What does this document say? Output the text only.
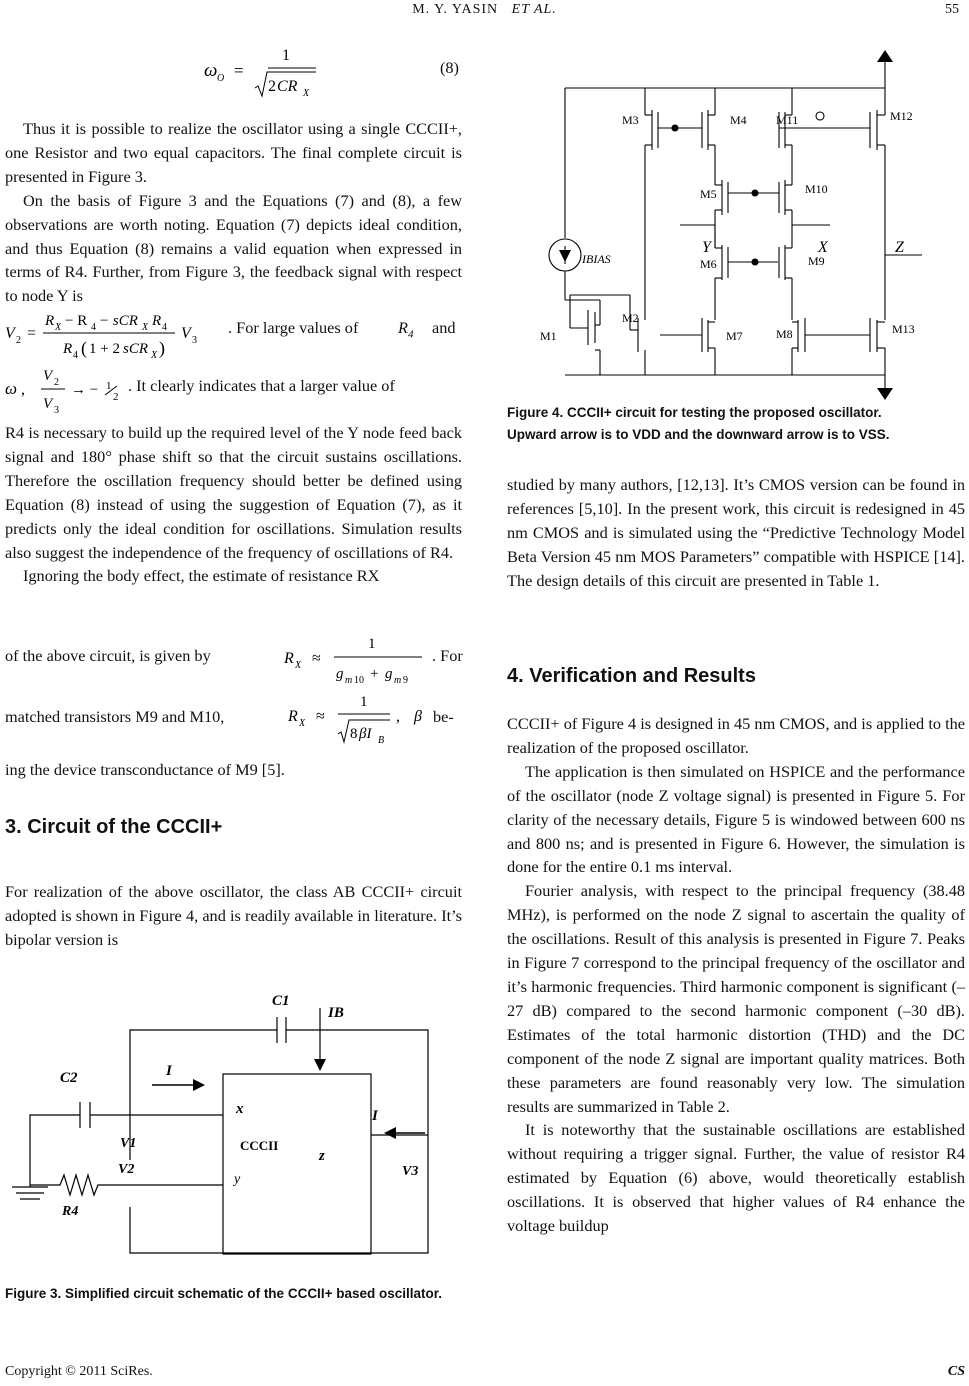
M. Y. YASIN ET AL.	55
ω O =
1
2 CR X
(8)

Thus it is possible to realize the oscillator using a single CCCII+, one Resistor and two equal capacitors. The final complete circuit is presented in Figure 3.

On the basis of Figure 3 and the Equations (7) and (8), a few observations are worth noting. Equation (7) depicts ideal condition, and thus Equation (8) remains a valid equation when expressed in terms of R4. Further, from Figure 3, the feedback signal with respect to node Y is

V 2 =
R X − R 4 − sCR X R 4
R 4 ( 1 + 2 sCR X )
V 3
. For large values of $R_4$ and
ω ,
V 2
V 3
→ − 1
2
. It clearly indicates that a larger value of

R4 is necessary to build up the required level of the Y node feed back signal and 180° phase shift so that the circuit sustains oscillations. Therefore the oscillation frequency should better be defined using Equation (8) instead of using the suggestion of Equation (7), as it predicts only the ideal condition for oscillations. Simulation results also suggest the independence of the frequency of oscillations of R4.

Ignoring the body effect, the estimate of resistance RX

of the above circuit, is given by	R X ≈
1
g m 10 + g m 9
. For
matched transistors M9 and M10,	R X ≈
1
8 βI B
, β be-

ing the device transconductance of M9 [5].

3. Circuit of the CCCII+

For realization of the above oscillator, the class AB CCCII+ circuit adopted is shown in Figure 4, and is readily available in literature. It’s bipolar version is

C1
C2
IB
I
I
V1
V2	V3
R4
x
z
y
CCCII
Figure 3. Simplified circuit schematic of the CCCII+ based oscillator.
M1
M2
M3	M4
M5
M6
M7	M8
M9
M10
M11	M12
M13
IBIAS
Y	X	Z
Figure 4. CCCII+ circuit for testing the proposed oscillator.
Upward arrow is to VDD and the downward arrow is to VSS.

studied by many authors, [12,13]. It’s CMOS version can be found in references [5,10]. In the present work, this circuit is redesigned in 45 nm CMOS and is simulated using the “Predictive Technology Model Beta Version 45 nm MOS Parameters” compatible with HSPICE [14]. The design details of this circuit are presented in Table 1.

4. Verification and Results

CCCII+ of Figure 4 is designed in 45 nm CMOS, and is applied to the realization of the proposed oscillator.

The application is then simulated on HSPICE and the performance of the oscillator (node Z voltage signal) is presented in Figure 5. For clarity of the necessary details, Figure 5 is windowed between 600 ns and 800 ns; and is presented in Figure 6. However, the simulation is done for the entire 0.1 ms interval.

Fourier analysis, with respect to the principal frequency (38.48 MHz), is performed on the node Z signal to ascertain the quality of the oscillations. Result of this analysis is presented in Figure 7. Peaks in Figure 7 correspond to the principal frequency of the oscillator and it’s harmonic frequencies. Third harmonic component is significant (–27 dB) compared to the second harmonic component (–30 dB). Estimates of the total harmonic distortion (THD) and the DC component of the node Z signal are important quality matrices. Both these parameters are found reasonably very low. The simulation results are summarized in Table 2.

It is noteworthy that the sustainable oscillations are established without requiring a trigger signal. Further, the value of resistor R4 estimated by Equation (6) above, would theoretically establish oscillations. It is observed that higher values of R4 enhance the voltage buildup

Copyright © 2011 SciRes.	CS
